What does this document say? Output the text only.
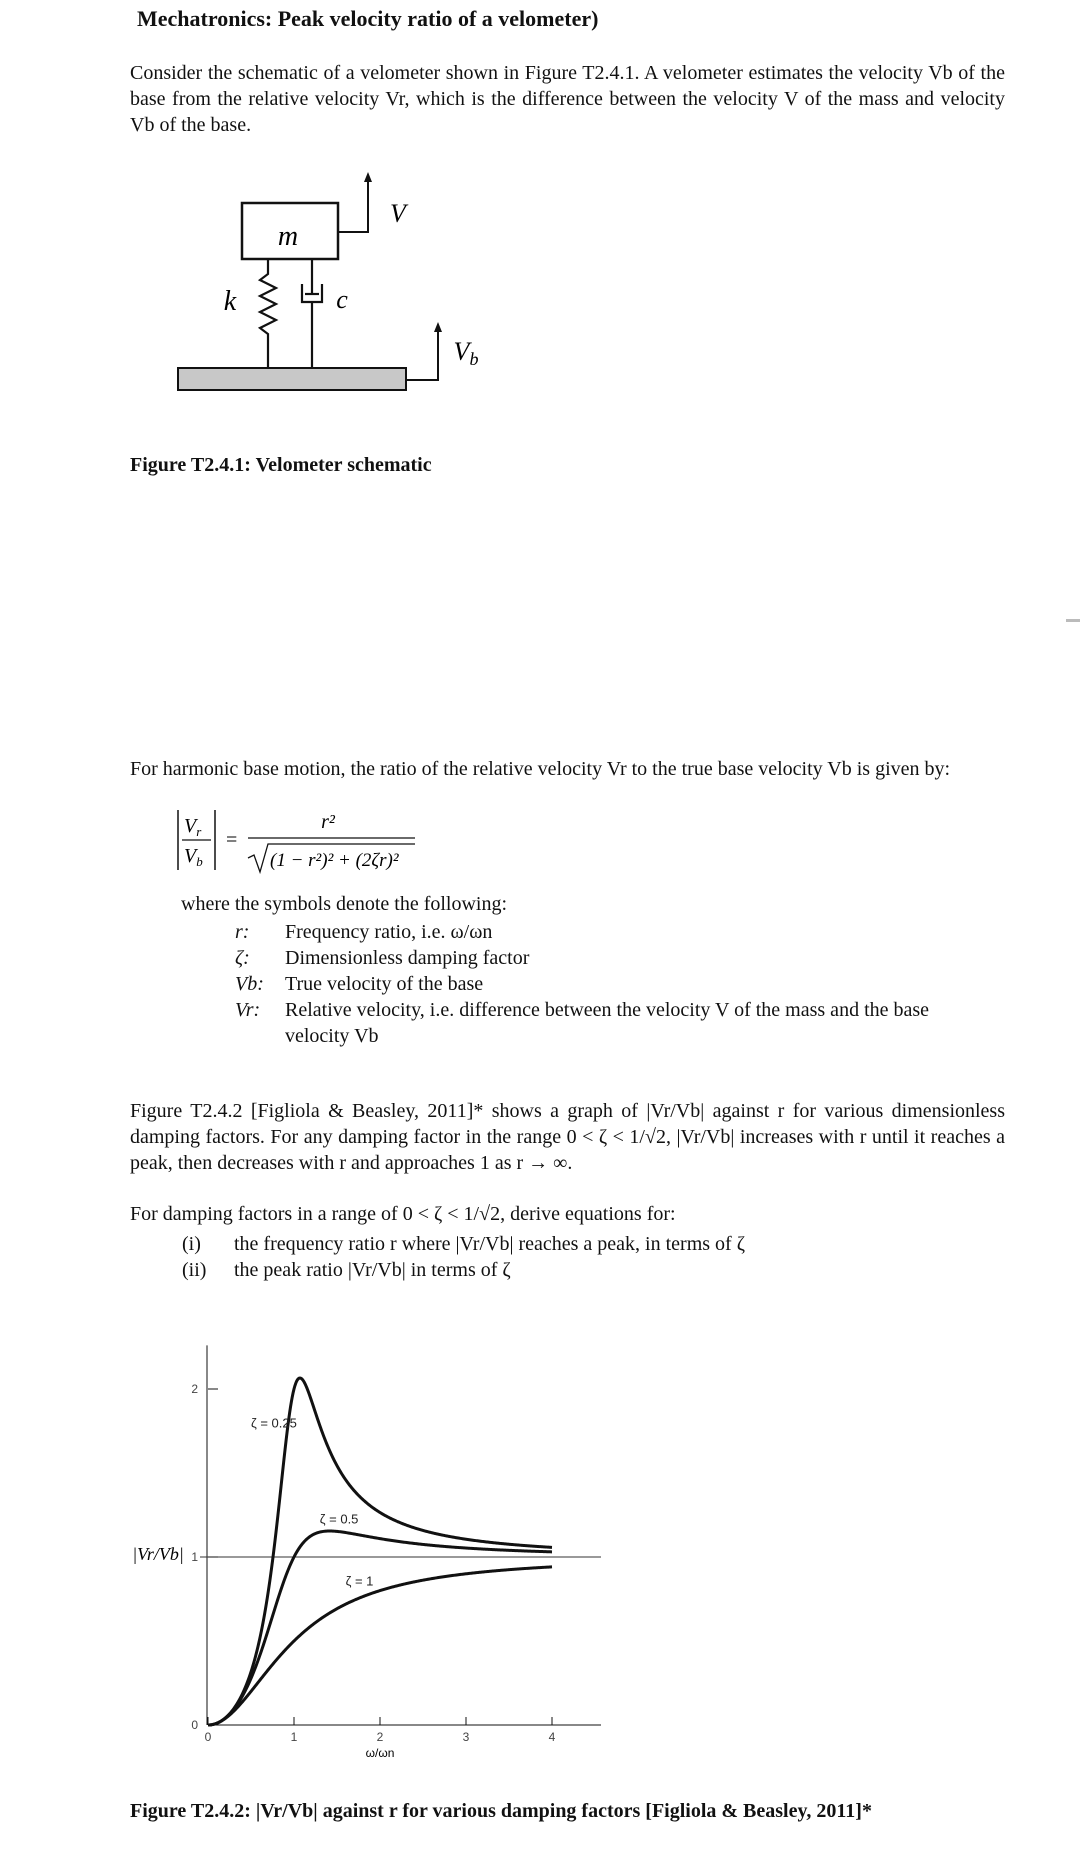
Mechatronics: Peak velocity ratio of a velometer)
Consider the schematic of a velometer shown in Figure T2.4.1. A velometer estimates the velocity Vb of the base from the relative velocity Vr, which is the difference between the velocity V of the mass and velocity Vb of the base.
m
V
k	c
Vb
Figure T2.4.1: Velometer schematic
For harmonic base motion, the ratio of the relative velocity Vr to the true base velocity Vb is given by:
$V_r$
$V_b$
=
r²
(1 − r²)² + (2ζr)²
where the symbols denote the following:
r: Frequency ratio, i.e. ω/ωn
ζ: Dimensionless damping factor
Vb: True velocity of the base
Vr: Relative velocity, i.e. difference between the velocity V of the mass and the base
velocity Vb
Figure T2.4.2 [Figliola & Beasley, 2011]* shows a graph of |Vr/Vb| against r for various dimensionless damping factors. For any damping factor in the range 0 < ζ < 1/√2, |Vr/Vb| increases with r until it reaches a peak, then decreases with r and approaches 1 as r → ∞.
For damping factors in a range of 0 < ζ < 1/√2, derive equations for:
(i) the frequency ratio r where |Vr/Vb| reaches a peak, in terms of ζ
(ii) the peak ratio |Vr/Vb| in terms of ζ
|Vr/Vb|
ω/ωn
0	1	2	3	4
0
1
2
ζ = 0.25
ζ = 0.5
ζ = 1
Figure T2.4.2: |Vr/Vb| against r for various damping factors [Figliola & Beasley, 2011]*
